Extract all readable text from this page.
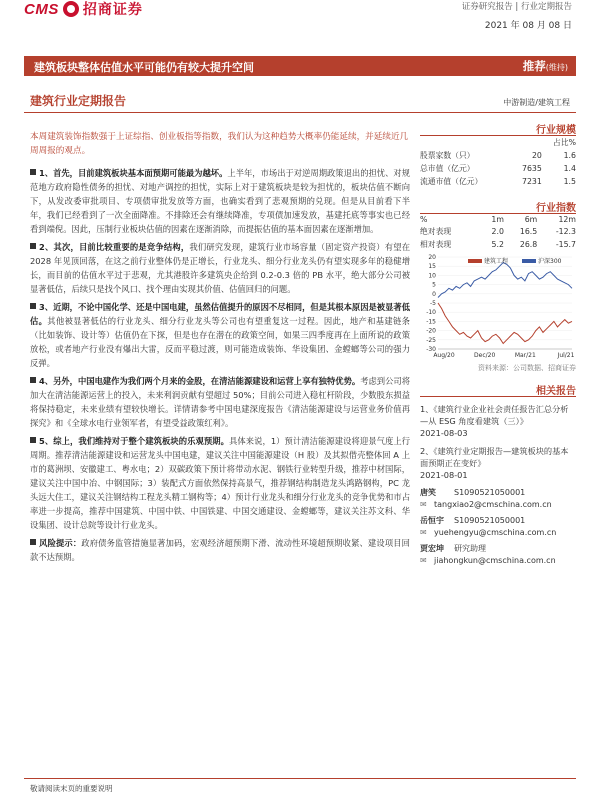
CMS 招商证券	证券研究报告 | 行业定期报告
2021 年 08 月 08 日
建筑板块整体估值水平可能仍有较大提升空间	推荐(维持)
建筑行业定期报告	中游制造/建筑工程
本周建筑装饰指数强于上证综指、创业板指等指数，我们认为这种趋势大概率仍能延续，并延续近几周周报的观点。

1、首先，目前建筑板块基本面预期可能最为越坏。上半年，市场出于对逆周期政策退出的担忧、对规范地方政府隐性债务的担忧、对地产调控的担忧，实际上对于建筑板块是较为担忧的，板块估值不断向下，从发改委审批项目、专项债审批发放等方面，也确实看到了悲观预期的兑现。但是从目前看下半年，我们已经看到了一次全面降准。不排除还会有继续降准，专项债加速发放，基建托底等事实也已经看到端倪。因此，压制行业板块估值的因素在逐渐消除，而提振估值的基本面因素在逐渐增加。

2、其次，目前比较重要的是竞争结构，我们研究发现，建筑行业市场容量（固定资产投资）有望在 2028 年见顶回落，在这之前行业整体仍是正增长，行业龙头、细分行业龙头仍有望实现多年的稳健增长，而目前的估值水平过于悲观，尤其港股许多建筑央企给到 0.2-0.3 倍的 PB 水平，绝大部分公司被显著低估，后续只是找个风口、找个理由实现其价值、估值回归的问题。

3、近期，不论中国化学、还是中国电建，虽然估值提升的原因不尽相同，但是其根本原因是被显著低估。其他被显著低估的行业龙头、细分行业龙头等公司也有望重复这一过程。因此，地产和基建链条（比如装饰、设计等）估值仍在下探，但是也存在潜在的政策空间，如果三四季度再在上面所说的政策放松，或者地产行业没有爆出大雷，反而平稳过渡，则可能造成装饰、华设集团、金螳螂等公司的强力反弹。

4、另外，中国电建作为我们两个月来的金股，在清洁能源建设和运营上享有独特优势。考虑到公司将加大在清洁能源运营上的投入，未来利润贡献有望超过 50%；目前公司进入稳杠杆阶段，少数股东损益将保持稳定，未来业绩有望较快增长。详情请参考中国电建深度报告《清洁能源建设与运营业务价值再探究》和《全球水电行业领军者，有望受益政策红利》。

5、综上，我们维持对于整个建筑板块的乐观预期。具体来说，1）预计清洁能源建设将迎景气度上行周期。推荐清洁能源建设和运营龙头中国电建，建议关注中国能源建设（H 股）及其拟借壳整体回 A 上市的葛洲坝、安徽建工、粤水电；2）双碳政策下预计将带动水泥、钢铁行业转型升级，推荐中材国际，建议关注中国中冶、中钢国际；3）装配式方面依然保持高景气，推荐钢结构制造龙头鸿路钢构，PC 龙头远大住工，建议关注钢结构工程龙头精工钢构等；4）预计行业龙头和细分行业龙头的竞争优势和市占率进一步提高，推荐中国建筑、中国中铁、中国铁建、中国交通建设、金螳螂等，建议关注苏文科、华设集团、设计总院等设计行业龙头。

风险提示：政府债务监管措施显著加码，宏观经济超预期下滑、流动性环境超预期收紧、建设项目回款不达预期。

行业规模
		占比%
股票家数（只）	20	1.6
总市值（亿元）	7635	1.4
流通市值（亿元）	7231	1.5
行业指数
%	1m	6m	12m
绝对表现	2.0	16.5	-12.3
相对表现	5.2	26.8	-15.7
20
15
10
5
0
-5
-10
-15
-20
-25
-30
Aug/20	Dec/20	Mar/21	Jul/21
建筑工程	沪深300
资料来源：公司数据、招商证券
相关报告
1、《建筑行业企业社会责任报告汇总分析—从 ESG 角度看建筑（三）》
2021-08-03
2、《建筑行业定期报告—建筑板块的基本面预期正在变好》
2021-08-01
唐笑	S1090521050001
✉ tangxiao2@cmschina.com.cn
岳恒宇	S1090521050001
✉ yuehengyu@cmschina.com.cn
贾宏坤	研究助理
✉ jiahongkun@cmschina.com.cn
敬请阅读末页的重要说明
